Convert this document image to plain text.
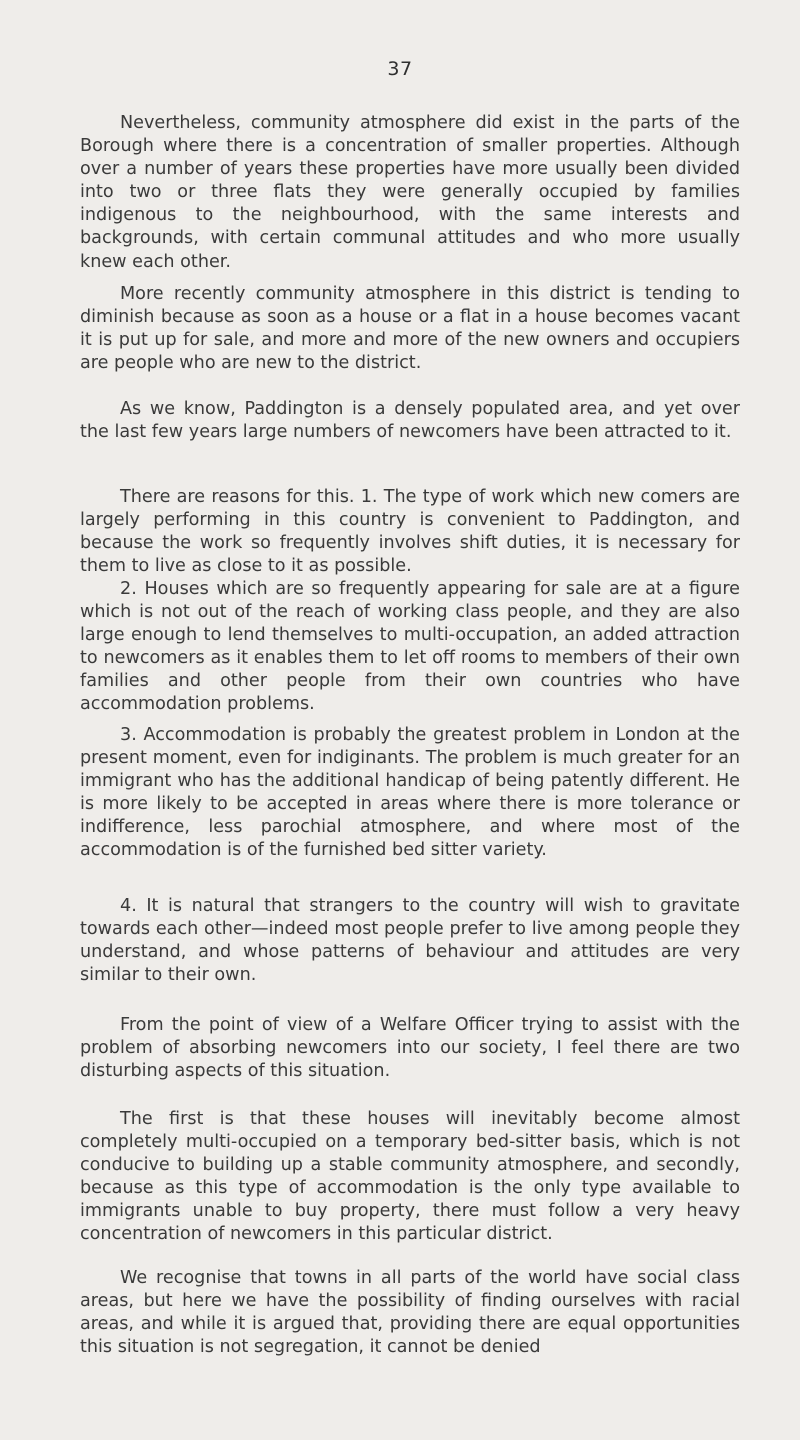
37

Nevertheless, community atmosphere did exist in the parts of the Borough where there is a concentration of smaller properties. Although over a number of years these properties have more usually been divided into two or three flats they were generally occupied by families indigenous to the neighbourhood, with the same interests and backgrounds, with certain communal attitudes and who more usually knew each other.

More recently community atmosphere in this district is tending to diminish because as soon as a house or a flat in a house becomes vacant it is put up for sale, and more and more of the new owners and occupiers are people who are new to the district.

As we know, Paddington is a densely populated area, and yet over the last few years large numbers of newcomers have been attracted to it.

There are reasons for this. 1. The type of work which new comers are largely performing in this country is convenient to Paddington, and because the work so frequently involves shift duties, it is necessary for them to live as close to it as possible.

2. Houses which are so frequently appearing for sale are at a figure which is not out of the reach of working class people, and they are also large enough to lend themselves to multi-occupation, an added attraction to newcomers as it enables them to let off rooms to members of their own families and other people from their own countries who have accommodation problems.

3. Accommodation is probably the greatest problem in London at the present moment, even for indiginants. The problem is much greater for an immigrant who has the additional handicap of being patently different. He is more likely to be accepted in areas where there is more tolerance or indifference, less parochial atmosphere, and where most of the accommodation is of the furnished bed sitter variety.

4. It is natural that strangers to the country will wish to gravitate towards each other—indeed most people prefer to live among people they understand, and whose patterns of behaviour and attitudes are very similar to their own.

From the point of view of a Welfare Officer trying to assist with the problem of absorbing newcomers into our society, I feel there are two disturbing aspects of this situation.

The first is that these houses will inevitably become almost completely multi-occupied on a temporary bed-sitter basis, which is not conducive to building up a stable community atmosphere, and secondly, because as this type of accommodation is the only type available to immigrants unable to buy property, there must follow a very heavy concentration of newcomers in this particular district.

We recognise that towns in all parts of the world have social class areas, but here we have the possibility of finding ourselves with racial areas, and while it is argued that, providing there are equal opportunities this situation is not segregation, it cannot be denied
